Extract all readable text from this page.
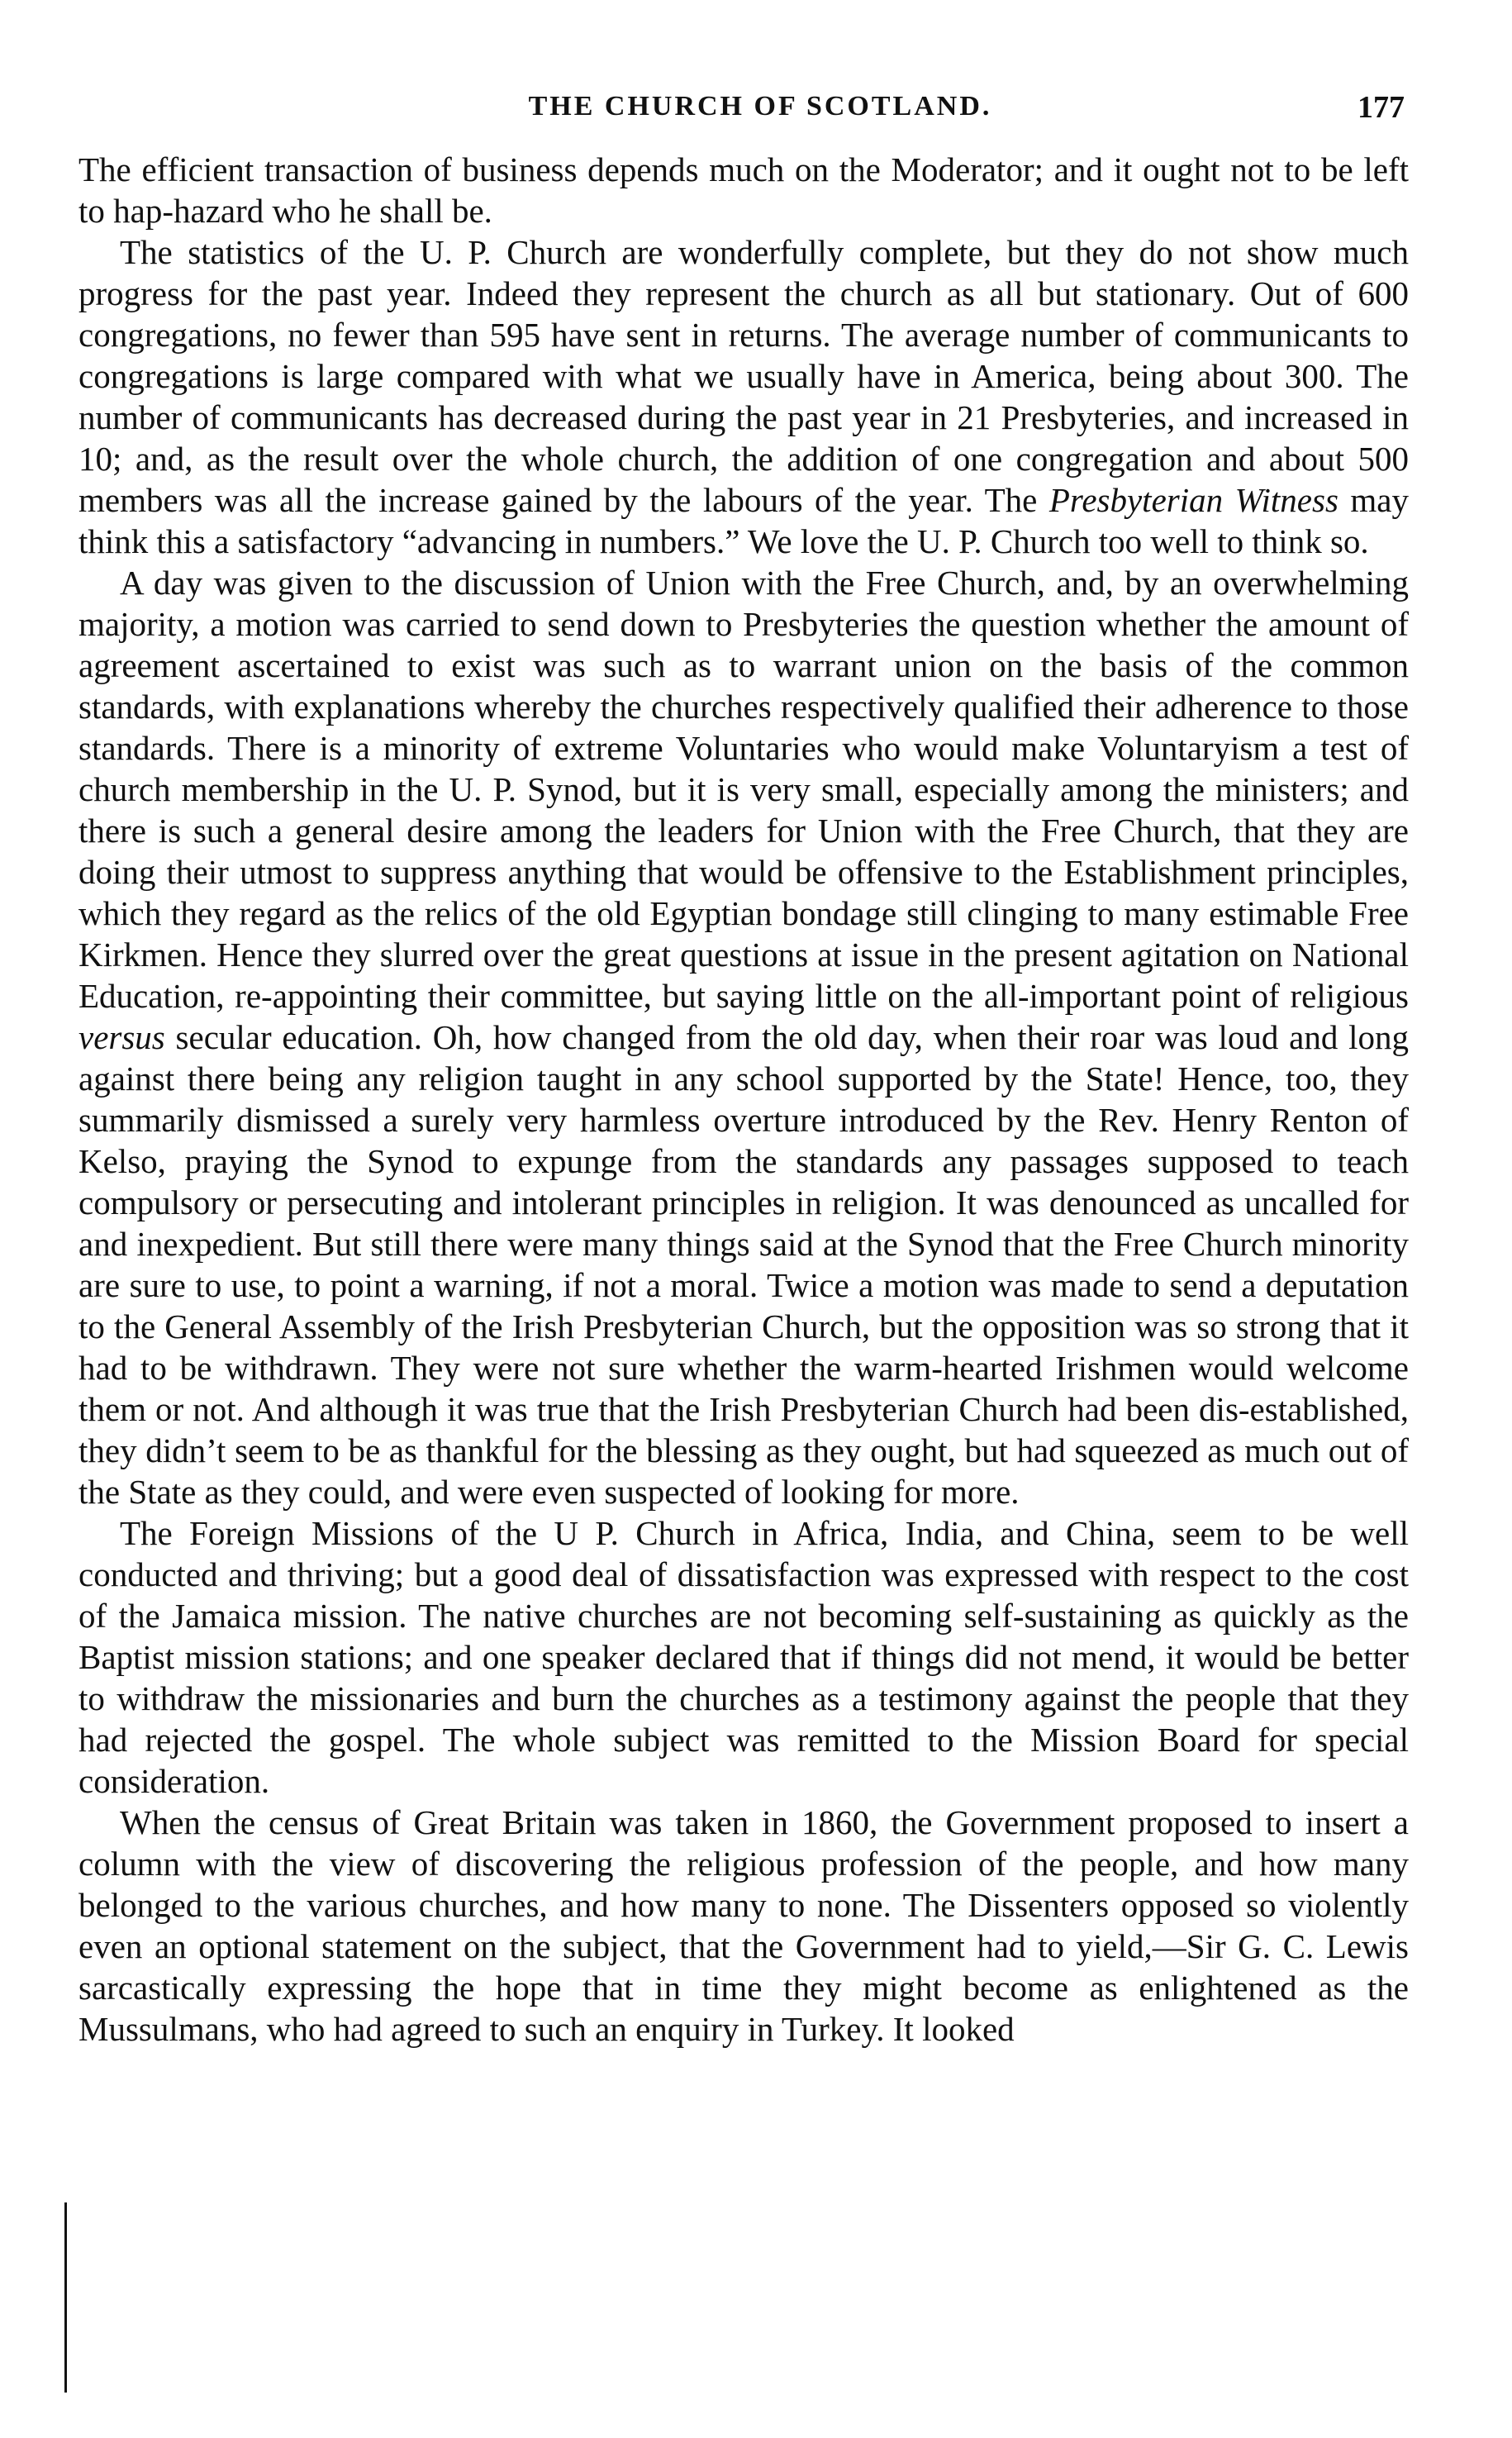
THE CHURCH OF SCOTLAND.	177

The efficient transaction of business depends much on the Moderator; and it ought not to be left to hap-hazard who he shall be.

The statistics of the U. P. Church are wonderfully complete, but they do not show much progress for the past year. Indeed they represent the church as all but stationary. Out of 600 congregations, no fewer than 595 have sent in returns. The average number of communicants to congregations is large compared with what we usually have in America, being about 300. The number of communicants has decreased during the past year in 21 Presbyteries, and increased in 10; and, as the result over the whole church, the addition of one congregation and about 500 members was all the increase gained by the labours of the year. The Presbyterian Witness may think this a satisfactory “advancing in numbers.” We love the U. P. Church too well to think so.

A day was given to the discussion of Union with the Free Church, and, by an overwhelming majority, a motion was carried to send down to Presbyteries the question whether the amount of agreement ascertained to exist was such as to warrant union on the basis of the common standards, with explanations whereby the churches respectively qualified their adherence to those standards. There is a minority of extreme Voluntaries who would make Voluntaryism a test of church membership in the U. P. Synod, but it is very small, especially among the ministers; and there is such a general desire among the leaders for Union with the Free Church, that they are doing their utmost to suppress anything that would be offensive to the Establishment principles, which they regard as the relics of the old Egyptian bondage still clinging to many estimable Free Kirkmen. Hence they slurred over the great questions at issue in the present agitation on National Education, re-appointing their committee, but saying little on the all-important point of religious versus secular education. Oh, how changed from the old day, when their roar was loud and long against there being any religion taught in any school supported by the State! Hence, too, they summarily dismissed a surely very harmless overture introduced by the Rev. Henry Renton of Kelso, praying the Synod to expunge from the standards any passages supposed to teach compulsory or persecuting and intolerant principles in religion. It was denounced as uncalled for and inexpedient. But still there were many things said at the Synod that the Free Church minority are sure to use, to point a warning, if not a moral. Twice a motion was made to send a deputation to the General Assembly of the Irish Presbyterian Church, but the opposition was so strong that it had to be withdrawn. They were not sure whether the warm-hearted Irishmen would welcome them or not. And although it was true that the Irish Presbyterian Church had been dis-established, they didn’t seem to be as thankful for the blessing as they ought, but had squeezed as much out of the State as they could, and were even suspected of looking for more.

The Foreign Missions of the U P. Church in Africa, India, and China, seem to be well conducted and thriving; but a good deal of dissatisfaction was expressed with respect to the cost of the Jamaica mission. The native churches are not becoming self-sustaining as quickly as the Baptist mission stations; and one speaker declared that if things did not mend, it would be better to withdraw the missionaries and burn the churches as a testimony against the people that they had rejected the gospel. The whole subject was remitted to the Mission Board for special consideration.

When the census of Great Britain was taken in 1860, the Government proposed to insert a column with the view of discovering the religious profession of the people, and how many belonged to the various churches, and how many to none. The Dissenters opposed so violently even an optional statement on the subject, that the Government had to yield,—Sir G. C. Lewis sarcastically expressing the hope that in time they might become as enlightened as the Mussulmans, who had agreed to such an enquiry in Turkey. It looked
